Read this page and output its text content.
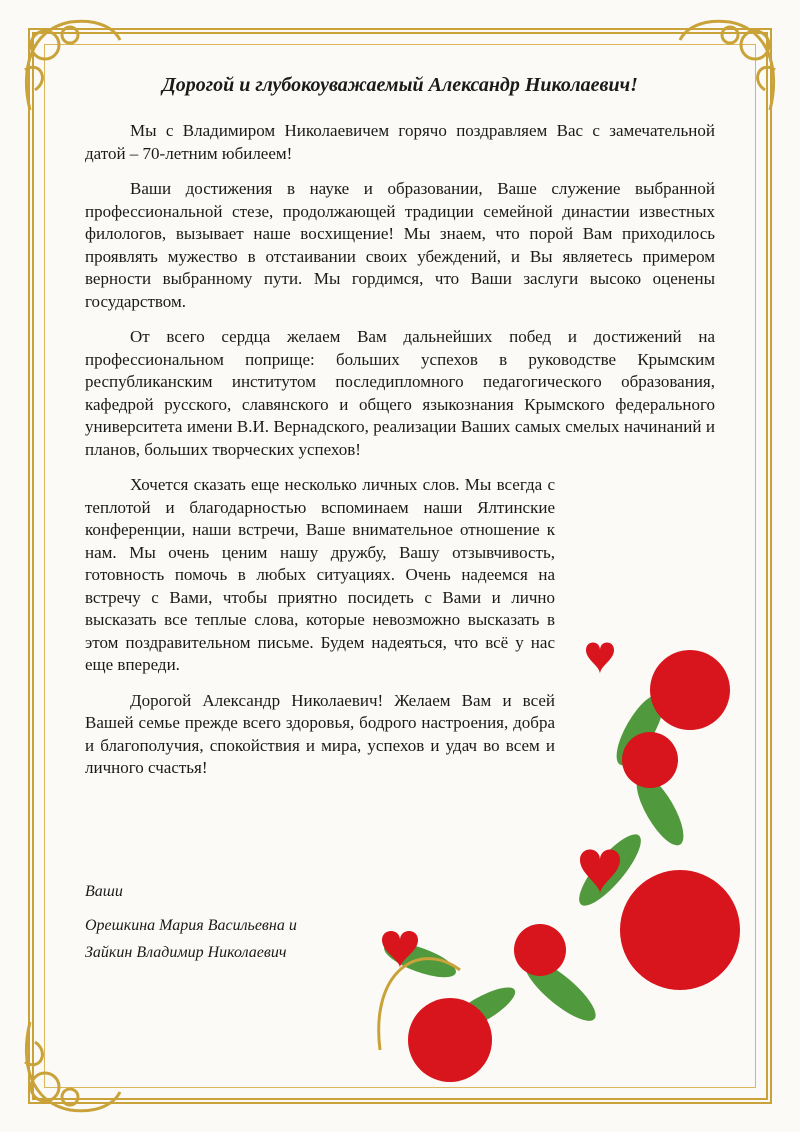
Дорогой и глубокоуважаемый Александр Николаевич!

Мы с Владимиром Николаевичем горячо поздравляем Вас с замечательной датой – 70-летним юбилеем!

Ваши достижения в науке и образовании, Ваше служение выбранной профессиональной стезе, продолжающей традиции семейной династии известных филологов, вызывает наше восхищение! Мы знаем, что порой Вам приходилось проявлять мужество в отстаивании своих убеждений, и Вы являетесь примером верности выбранному пути. Мы гордимся, что Ваши заслуги высоко оценены государством.

От всего сердца желаем Вам дальнейших побед и достижений на профессиональном поприще: больших успехов в руководстве Крымским республиканским институтом последипломного педагогического образования, кафедрой русского, славянского и общего языкознания Крымского федерального университета имени В.И. Вернадского, реализации Ваших самых смелых начинаний и планов, больших творческих успехов!

Хочется сказать еще несколько личных слов. Мы всегда с теплотой и благодарностью вспоминаем наши Ялтинские конференции, наши встречи, Ваше внимательное отношение к нам. Мы очень ценим нашу дружбу, Вашу отзывчивость, готовность помочь в любых ситуациях. Очень надеемся на встречу с Вами, чтобы приятно посидеть с Вами и лично высказать все теплые слова, которые невозможно высказать в этом поздравительном письме. Будем надеяться, что всё у нас еще впереди.

Дорогой Александр Николаевич! Желаем Вам и всей Вашей семье прежде всего здоровья, бодрого настроения, добра и благополучия, спокойствия и мира, успехов и удач во всем и личного счастья!

Ваши
Орешкина Мария Васильевна и
Зайкин Владимир Николаевич
